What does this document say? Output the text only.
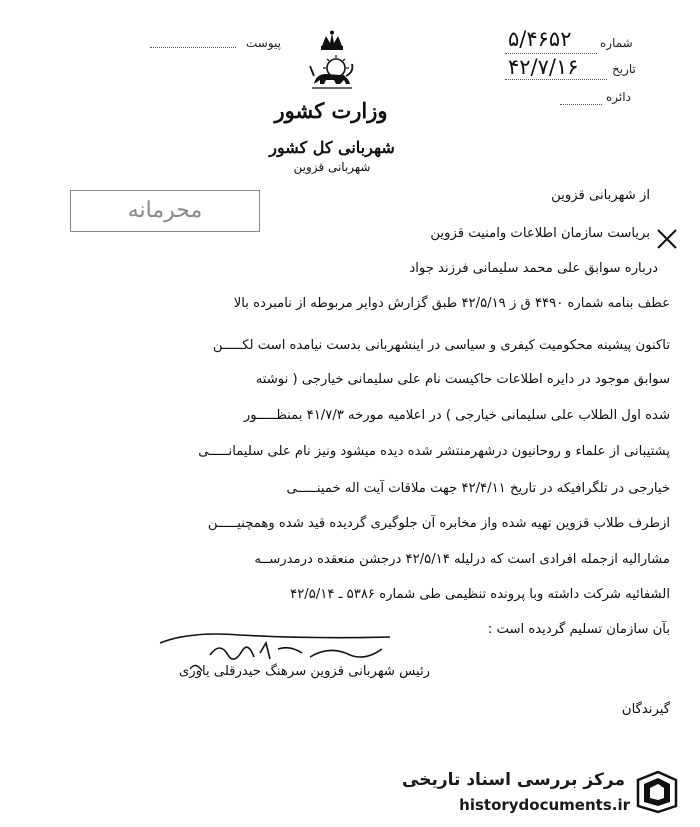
پیوست	شماره
۵/۴۶۵۲
تاریخ
۴۲/۷/۱۶
دائره
وزارت کشور
شهربانی کل کشور
شهربانی قزوین
محرمانه
از شهربانی قزوین
بریاست سازمان اطلاعات وامنیت قزوین
درباره سوابق علی محمد سلیمانی فرزند جواد
عطف بنامه شماره ۴۴۹۰ ق ز ۴۲/۵/۱۹ طبق گزارش دوایر مربوطه از نامبرده بالا
تاکنون پیشینه محکومیت کیفری و سیاسی در اینشهربانی بدست نیامده است لکـــــن
سوابق موجود در دایره اطلاعات حاکیست نام علی سلیمانی خیارجی ( نوشته
شده اول الطلاب علی سلیمانی خیارجی ) در اعلامیه مورخه ۴۱/۷/۳ بمنظـــــور
پشتیبانی از علماء و روحانیون درشهرمنتشر شده دیده میشود ونیز نام علی سلیمانـــــی
خیارجی در تلگرافیکه در تاریخ ۴۲/۴/۱۱ جهت ملاقات آیت اله خمینـــــی
ازطرف طلاب قزوین تهیه شده واز مخابره آن جلوگیری گردیده قید شده وهمچنیـــــن
مشارالیه ازجمله افرادی است که درلیله ۴۲/۵/۱۴ درجشن منعقده درمدرســه
الشفائیه شرکت داشته وبا پرونده تنظیمی طی شماره ۵۳۸۶ ـ ۴۲/۵/۱۴
بآن سازمان تسلیم گردیده است :
رئیس شهربانی قزوین سرهنگ حیدرقلی یاوری
گیرندگان
مرکز بررسی اسناد تاریخی
historydocuments.ir
